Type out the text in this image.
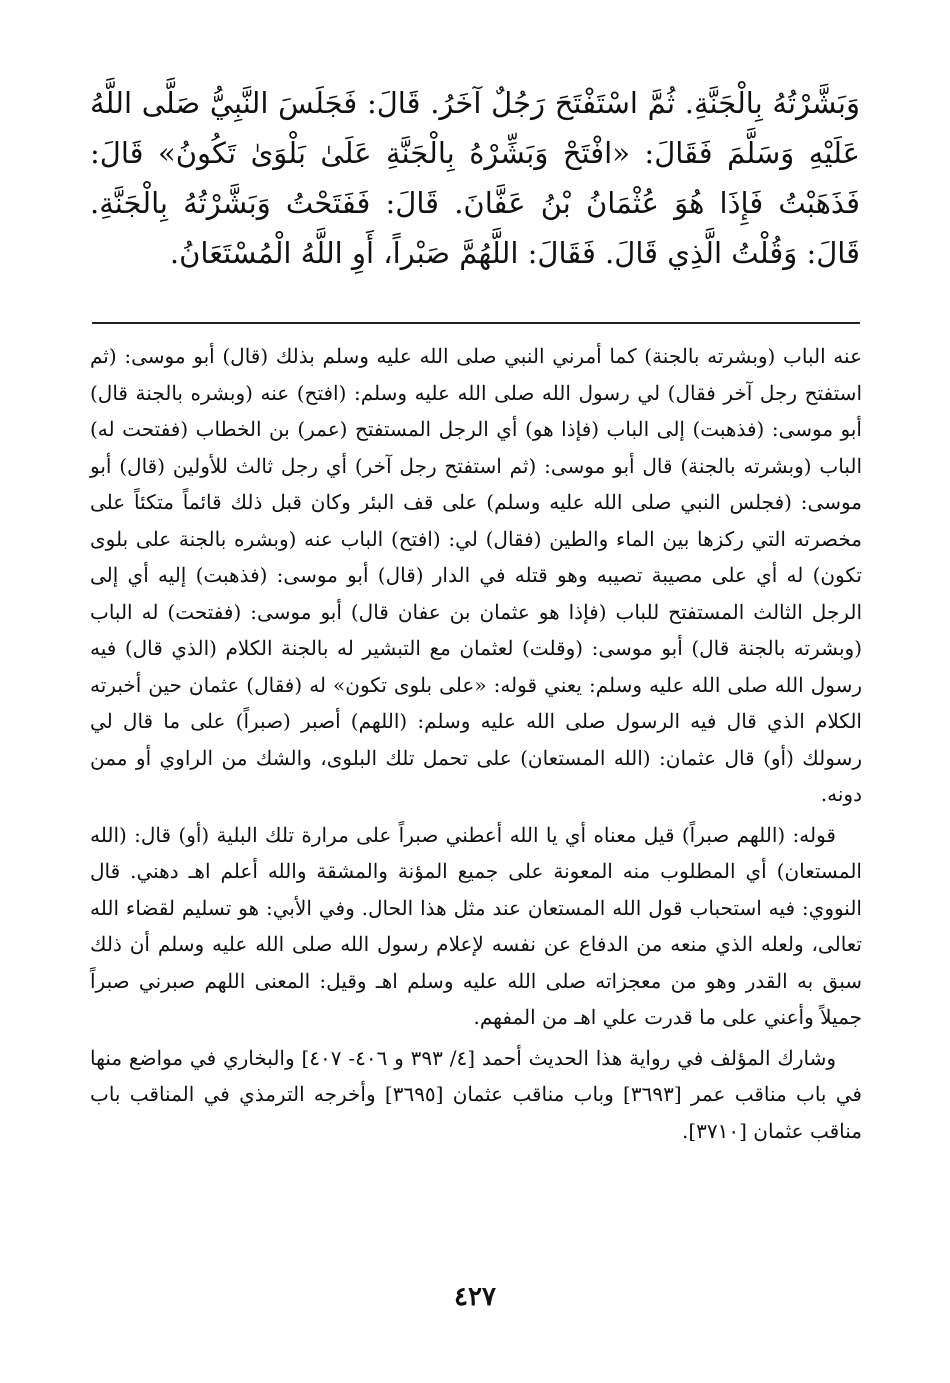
وَبَشَّرْتُهُ بِالْجَنَّةِ. ثُمَّ اسْتَفْتَحَ رَجُلٌ آخَرُ. قَالَ: فَجَلَسَ النَّبِيُّ صَلَّى اللَّهُ عَلَيْهِ وَسَلَّمَ فَقَالَ: «افْتَحْ وَبَشِّرْهُ بِالْجَنَّةِ عَلَىٰ بَلْوَىٰ تَكُونُ» قَالَ: فَذَهَبْتُ فَإِذَا هُوَ عُثْمَانُ بْنُ عَفَّانَ. قَالَ: فَفَتَحْتُ وَبَشَّرْتُهُ بِالْجَنَّةِ. قَالَ: وَقُلْتُ الَّذِي قَالَ. فَقَالَ: اللَّهُمَّ صَبْراً، أَوِ اللَّهُ الْمُسْتَعَانُ.

عنه الباب (وبشرته بالجنة) كما أمرني النبي صلى الله عليه وسلم بذلك (قال) أبو موسى: (ثم استفتح رجل آخر فقال) لي رسول الله صلى الله عليه وسلم: (افتح) عنه (وبشره بالجنة قال) أبو موسى: (فذهبت) إلى الباب (فإذا هو) أي الرجل المستفتح (عمر) بن الخطاب (ففتحت له) الباب (وبشرته بالجنة) قال أبو موسى: (ثم استفتح رجل آخر) أي رجل ثالث للأولين (قال) أبو موسى: (فجلس النبي صلى الله عليه وسلم) على قف البئر وكان قبل ذلك قائماً متكئاً على مخصرته التي ركزها بين الماء والطين (فقال) لي: (افتح) الباب عنه (وبشره بالجنة على بلوى تكون) له أي على مصيبة تصيبه وهو قتله في الدار (قال) أبو موسى: (فذهبت) إليه أي إلى الرجل الثالث المستفتح للباب (فإذا هو عثمان بن عفان قال) أبو موسى: (ففتحت) له الباب (وبشرته بالجنة قال) أبو موسى: (وقلت) لعثمان مع التبشير له بالجنة الكلام (الذي قال) فيه رسول الله صلى الله عليه وسلم: يعني قوله: «على بلوى تكون» له (فقال) عثمان حين أخبرته الكلام الذي قال فيه الرسول صلى الله عليه وسلم: (اللهم) أصبر (صبراً) على ما قال لي رسولك (أو) قال عثمان: (الله المستعان) على تحمل تلك البلوى، والشك من الراوي أو ممن دونه.

قوله: (اللهم صبراً) قيل معناه أي يا الله أعطني صبراً على مرارة تلك البلية (أو) قال: (الله المستعان) أي المطلوب منه المعونة على جميع المؤنة والمشقة والله أعلم اهـ دهني. قال النووي: فيه استحباب قول الله المستعان عند مثل هذا الحال. وفي الأبي: هو تسليم لقضاء الله تعالى، ولعله الذي منعه من الدفاع عن نفسه لإعلام رسول الله صلى الله عليه وسلم أن ذلك سبق به القدر وهو من معجزاته صلى الله عليه وسلم اهـ وقيل: المعنى اللهم صبرني صبراً جميلاً وأعني على ما قدرت علي اهـ من المفهم.

وشارك المؤلف في رواية هذا الحديث أحمد [٤/ ٣٩٣ و ٤٠٦- ٤٠٧] والبخاري في مواضع منها في باب مناقب عمر [٣٦٩٣] وباب مناقب عثمان [٣٦٩٥] وأخرجه الترمذي في المناقب باب مناقب عثمان [٣٧١٠].

٤٢٧
